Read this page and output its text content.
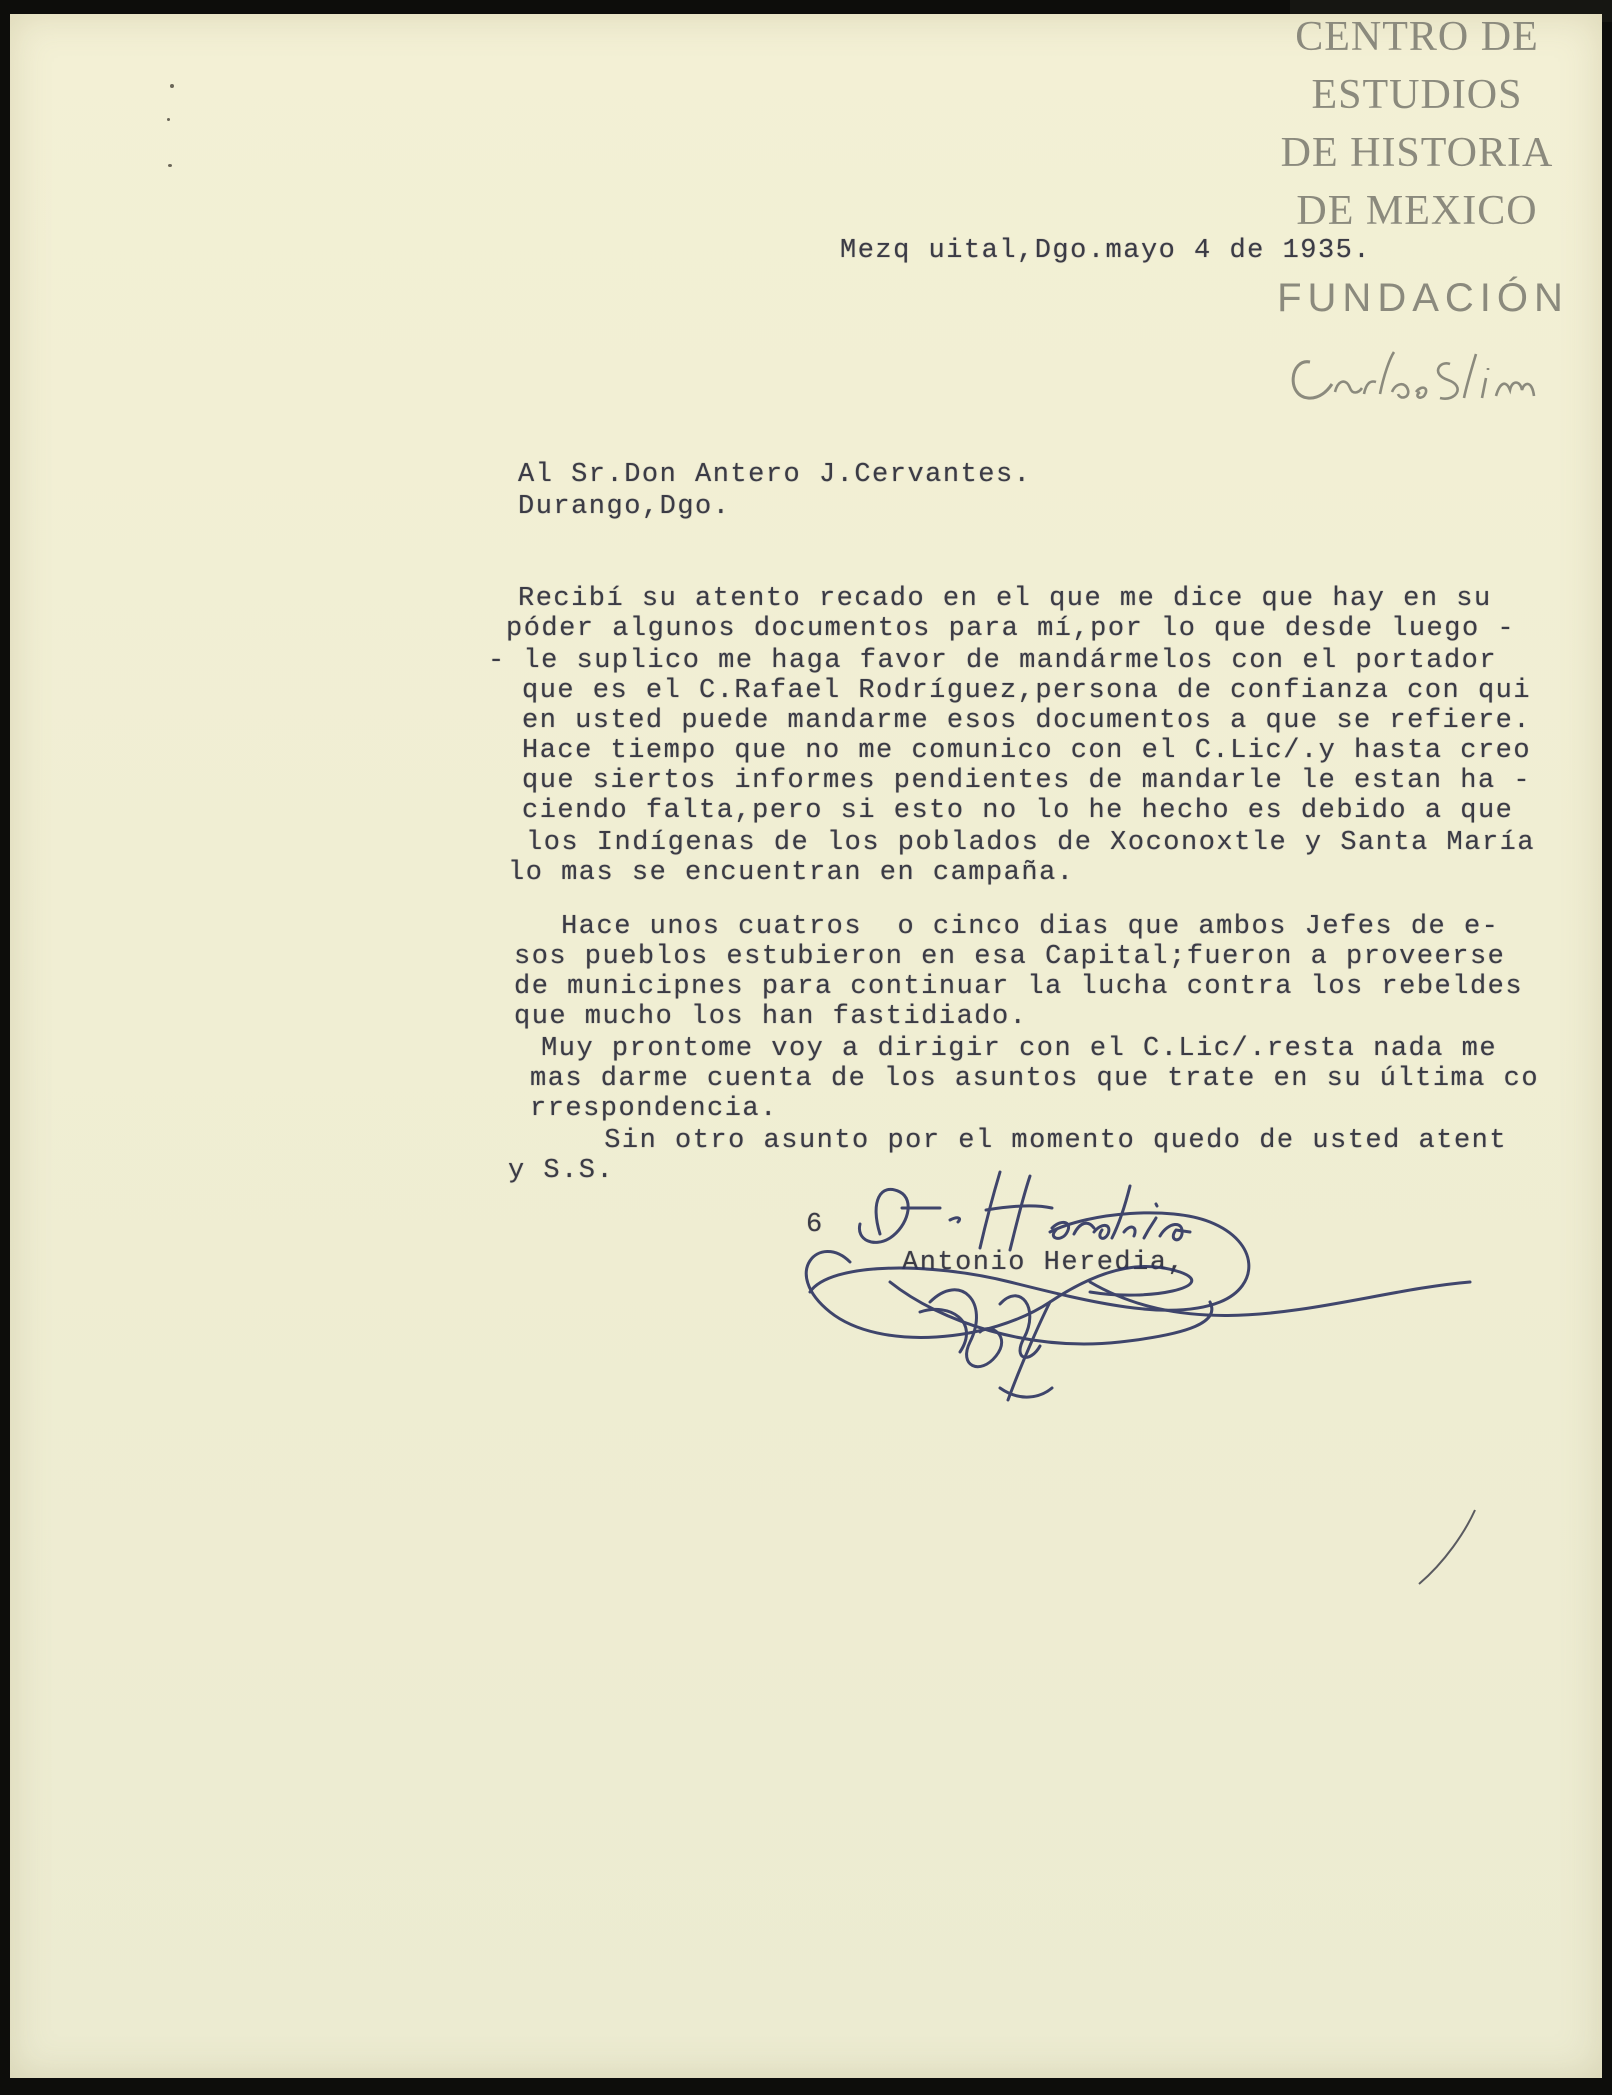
CENTRO DE
ESTUDIOS
DE HISTORIA
DE MEXICO
FUNDACIÓN
Mezq uital,Dgo.mayo 4 de 1935.
Al Sr.Don Antero J.Cervantes.
Durango,Dgo.

Recibí su atento recado en el que me dice que hay en su

póder algunos documentos para mí,por lo que desde luego -

- le suplico me haga favor de mandármelos con el portador

que es el C.Rafael Rodríguez,persona de confianza con qui

en usted puede mandarme esos documentos a que se refiere.

Hace tiempo que no me comunico con el C.Lic/.y hasta creo

que siertos informes pendientes de mandarle le estan ha -

ciendo falta,pero si esto no lo he hecho es debido a que

los Indígenas de los poblados de Xoconoxtle y Santa María

lo mas se encuentran en campaña.

Hace unos cuatros  o cinco dias que ambos Jefes de e-

sos pueblos estubieron en esa Capital;fueron a proveerse

de municipnes para continuar la lucha contra los rebeldes

que mucho los han fastidiado.

Muy prontome voy a dirigir con el C.Lic/.resta nada me

mas darme cuenta de los asuntos que trate en su última co

rrespondencia.

Sin otro asunto por el momento quedo de usted atent

y S.S.

6
Antonio Heredia,
